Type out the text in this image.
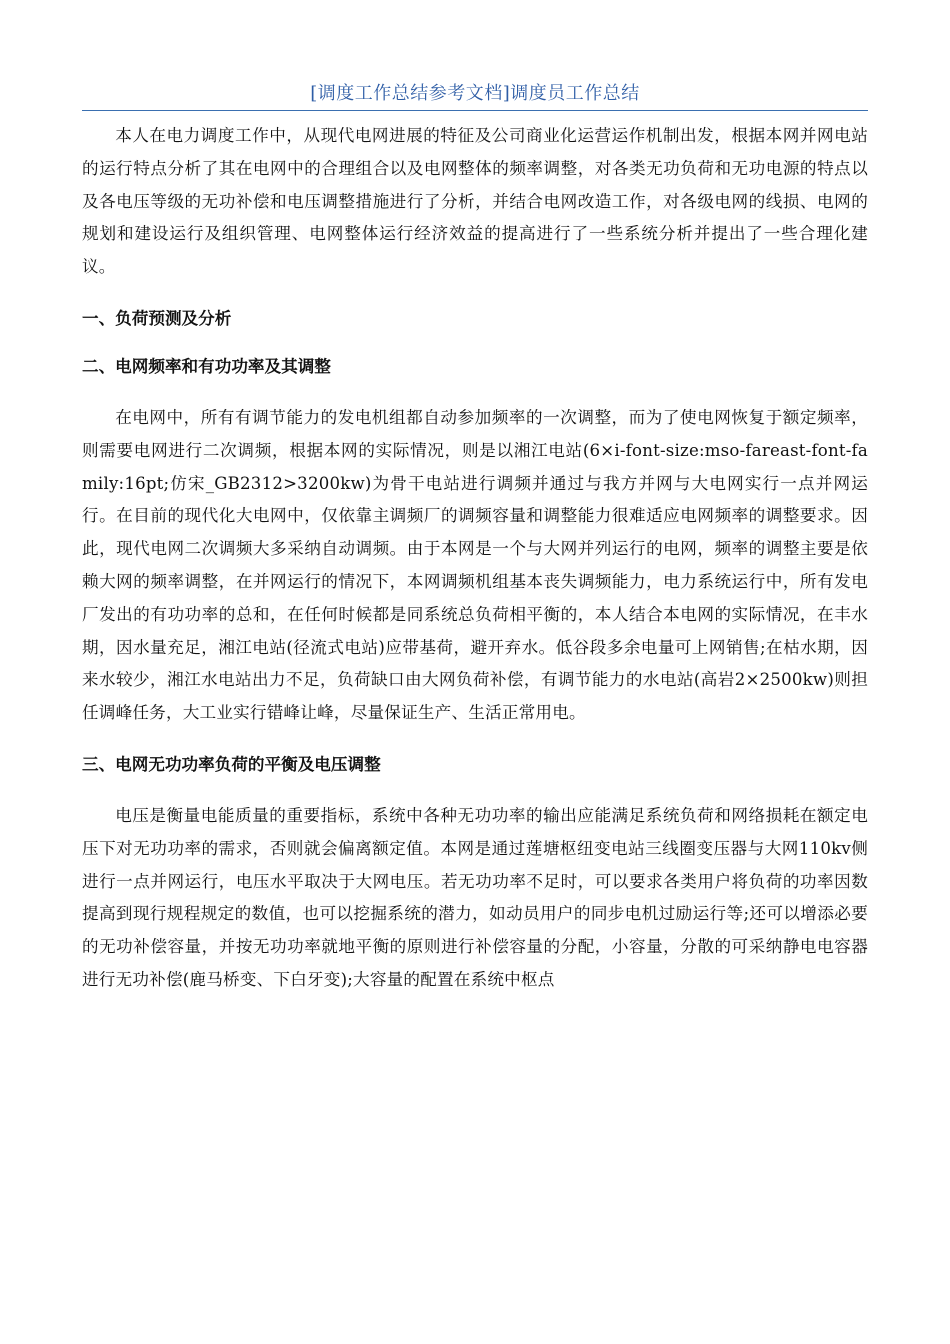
[调度工作总结参考文档]调度员工作总结

本人在电力调度工作中，从现代电网进展的特征及公司商业化运营运作机制出发，根据本网并网电站的运行特点分析了其在电网中的合理组合以及电网整体的频率调整，对各类无功负荷和无功电源的特点以及各电压等级的无功补偿和电压调整措施进行了分析，并结合电网改造工作，对各级电网的线损、电网的规划和建设运行及组织管理、电网整体运行经济效益的提高进行了一些系统分析并提出了一些合理化建议。

一、负荷预测及分析

二、电网频率和有功功率及其调整

在电网中，所有有调节能力的发电机组都自动参加频率的一次调整，而为了使电网恢复于额定频率，则需要电网进行二次调频，根据本网的实际情况，则是以湘江电站(6×i-font-size:mso-fareast-font-family:16pt;仿宋_GB2312>3200kw)为骨干电站进行调频并通过与我方并网与大电网实行一点并网运行。在目前的现代化大电网中，仅依靠主调频厂的调频容量和调整能力很难适应电网频率的调整要求。因此，现代电网二次调频大多采纳自动调频。由于本网是一个与大网并列运行的电网，频率的调整主要是依赖大网的频率调整，在并网运行的情况下，本网调频机组基本丧失调频能力，电力系统运行中，所有发电厂发出的有功功率的总和，在任何时候都是同系统总负荷相平衡的，本人结合本电网的实际情况，在丰水期，因水量充足，湘江电站(径流式电站)应带基荷，避开弃水。低谷段多余电量可上网销售;在枯水期，因来水较少，湘江水电站出力不足，负荷缺口由大网负荷补偿，有调节能力的水电站(高岩2×2500kw)则担任调峰任务，大工业实行错峰让峰，尽量保证生产、生活正常用电。

三、电网无功功率负荷的平衡及电压调整

电压是衡量电能质量的重要指标，系统中各种无功功率的输出应能满足系统负荷和网络损耗在额定电压下对无功功率的需求，否则就会偏离额定值。本网是通过莲塘枢纽变电站三线圈变压器与大网110kv侧进行一点并网运行，电压水平取决于大网电压。若无功功率不足时，可以要求各类用户将负荷的功率因数提高到现行规程规定的数值，也可以挖掘系统的潜力，如动员用户的同步电机过励运行等;还可以增添必要的无功补偿容量，并按无功功率就地平衡的原则进行补偿容量的分配，小容量，分散的可采纳静电电容器进行无功补偿(鹿马桥变、下白牙变);大容量的配置在系统中枢点
